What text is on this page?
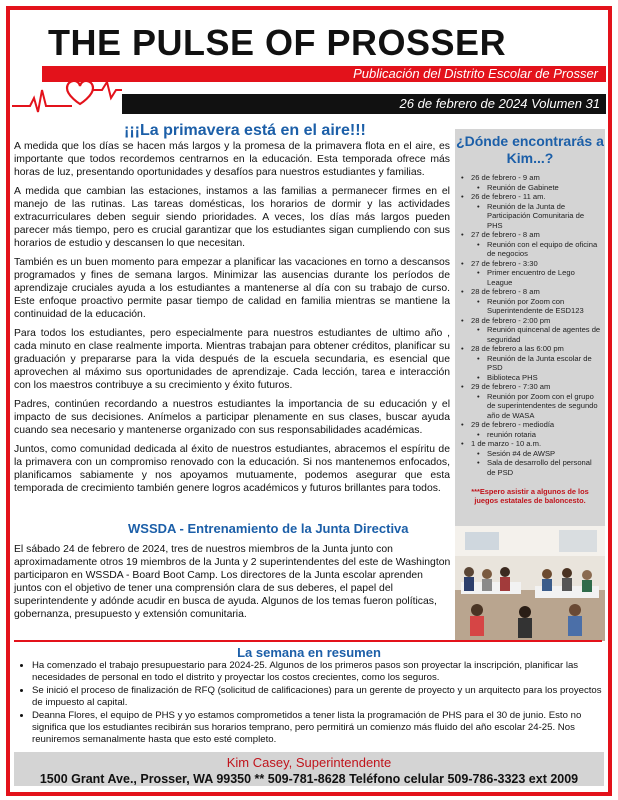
THE PULSE OF PROSSER
Publicación del Distrito Escolar de Prosser
26 de febrero de 2024 Volumen 31
¡¡¡La primavera está en el aire!!!

A medida que los días se hacen más largos y la promesa de la primavera flota en el aire, es importante que todos recordemos centrarnos en la educación. Esta temporada ofrece más horas de luz, presentando oportunidades y desafíos para nuestros estudiantes y familias.

A medida que cambian las estaciones, instamos a las familias a permanecer firmes en el manejo de las rutinas. Las tareas domésticas, los horarios de dormir y las actividades extracurriculares deben seguir siendo prioridades. A veces, los días más largos pueden parecer más tiempo, pero es crucial garantizar que los estudiantes sigan cumpliendo con sus horarios de estudio y descansen lo que necesitan.

También es un buen momento para empezar a planificar las vacaciones en torno a descansos programados y fines de semana largos. Minimizar las ausencias durante los períodos de aprendizaje cruciales ayuda a los estudiantes a mantenerse al día con su trabajo de curso. Este enfoque proactivo permite pasar tiempo de calidad en familia mientras se mantiene la continuidad de la educación.

Para todos los estudiantes, pero especialmente para nuestros estudiantes de ultimo año , cada minuto en clase realmente importa. Mientras trabajan para obtener créditos, planificar su graduación y prepararse para la vida después de la escuela secundaria, es esencial que aprovechen al máximo sus oportunidades de aprendizaje. Cada lección, tarea e interacción con los maestros contribuye a su crecimiento y éxito futuros.

Padres, continúen recordando a nuestros estudiantes la importancia de su educación y el impacto de sus decisiones. Anímelos a participar plenamente en sus clases, buscar ayuda cuando sea necesario y mantenerse organizado con sus responsabilidades académicas.

Juntos, como comunidad dedicada al éxito de nuestros estudiantes, abracemos el espíritu de la primavera con un compromiso renovado con la educación. Si nos mantenemos enfocados, planificamos sabiamente y nos apoyamos mutuamente, podemos asegurar que esta temporada de crecimiento también genere logros académicos y futuros brillantes para todos.

¿Dónde encontrarás a Kim...?
• 26 de febrero - 9 am
• Reunión de Gabinete
• 26 de febrero - 11 am.
• Reunión de la Junta de Participación Comunitaria de PHS
• 27 de febrero - 8 am
• Reunión con el equipo de oficina de negocios
• 27 de febrero - 3:30
• Primer encuentro de Lego League
• 28 de febrero - 8 am
• Reunión por Zoom con Superintendente de ESD123
• 28 de febrero - 2:00 pm
• Reunión quincenal de agentes de seguridad
• 28 de febrero a las 6:00 pm
• Reunión de la Junta escolar de PSD
• Biblioteca PHS
• 29 de febrero - 7:30 am
• Reunión por Zoom con el grupo de superintendentes de segundo año de WASA
• 29 de febrero - mediodía
• reunión rotaria
• 1 de marzo - 10 a.m.
• Sesión #4 de AWSP
• Sala de desarrollo del personal de PSD
***Espero asistir a algunos de los juegos estatales de baloncesto.
WSSDA - Entrenamiento de la Junta Directiva
El sábado 24 de febrero de 2024, tres de nuestros miembros de la Junta junto con aproximadamente otros 19 miembros de la Junta y 2 superintendentes del este de Washington participaron en WSSDA - Board Boot Camp. Los directores de la Junta escolar aprenden juntos con el objetivo de tener una comprensión clara de sus deberes, el papel del superintendente y adónde acudir en busca de ayuda. Algunos de los temas fueron políticas, gobernanza, presupuesto y extensión comunitaria.
La semana en resumen
• Ha comenzado el trabajo presupuestario para 2024-25. Algunos de los primeros pasos son proyectar la inscripción, planificar las necesidades de personal en todo el distrito y proyectar los costos crecientes, como los seguros.
• Se inició el proceso de finalización de RFQ (solicitud de calificaciones) para un gerente de proyecto y un arquitecto para los proyectos de impuesto al capital.
• Deanna Flores, el equipo de PHS y yo estamos comprometidos a tener lista la programación de PHS para el 30 de junio. Esto no significa que los estudiantes recibirán sus horarios temprano, pero permitirá un comienzo más fluido del año escolar 24-25. Nos reuniremos semanalmente hasta que esto esté completo.
Kim Casey, Superintendente
1500 Grant Ave., Prosser, WA 99350 ** 509-781-8628 Teléfono celular 509-786-3323 ext 2009
